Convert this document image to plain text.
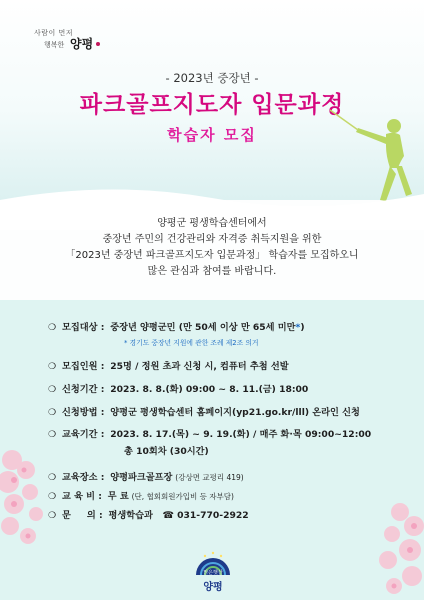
사람이 먼저
행복한 양평
- 2023년 중장년 -
파크골프지도자 입문과정
학습자 모집
양평군 평생학습센터에서
중장년 주민의 건강관리와 자격증 취득지원을 위한
「2023년 중장년 파크골프지도자 입문과정」 학습자를 모집하오니
많은 관심과 참여를 바랍니다.
❍ 모집대상 : 중장년 양평군민 (만 50세 이상 만 65세 미만*)
* 경기도 중장년 지원에 관한 조례 제2조 의거
❍ 모집인원 : 25명 / 정원 초과 신청 시, 컴퓨터 추첨 선발
❍ 신청기간 : 2023. 8. 8.(화) 09:00 ~ 8. 11.(금) 18:00
❍ 신청방법 : 양평군 평생학습센터 홈페이지(yp21.go.kr/lll) 온라인 신청
❍ 교육기간 : 2023. 8. 17.(목) ~ 9. 19.(화) / 매주 화·목 09:00~12:00
총 10회차 (30시간)
❍ 교육장소 : 양평파크골프장 (강상면 교평리 419)
❍ 교 육 비 : 무 료 (단, 협회회원가입비 등 자부담)
❍ 문     의 : 평생학습과   ☎ 031-770-2922
맑은햇살
양평
